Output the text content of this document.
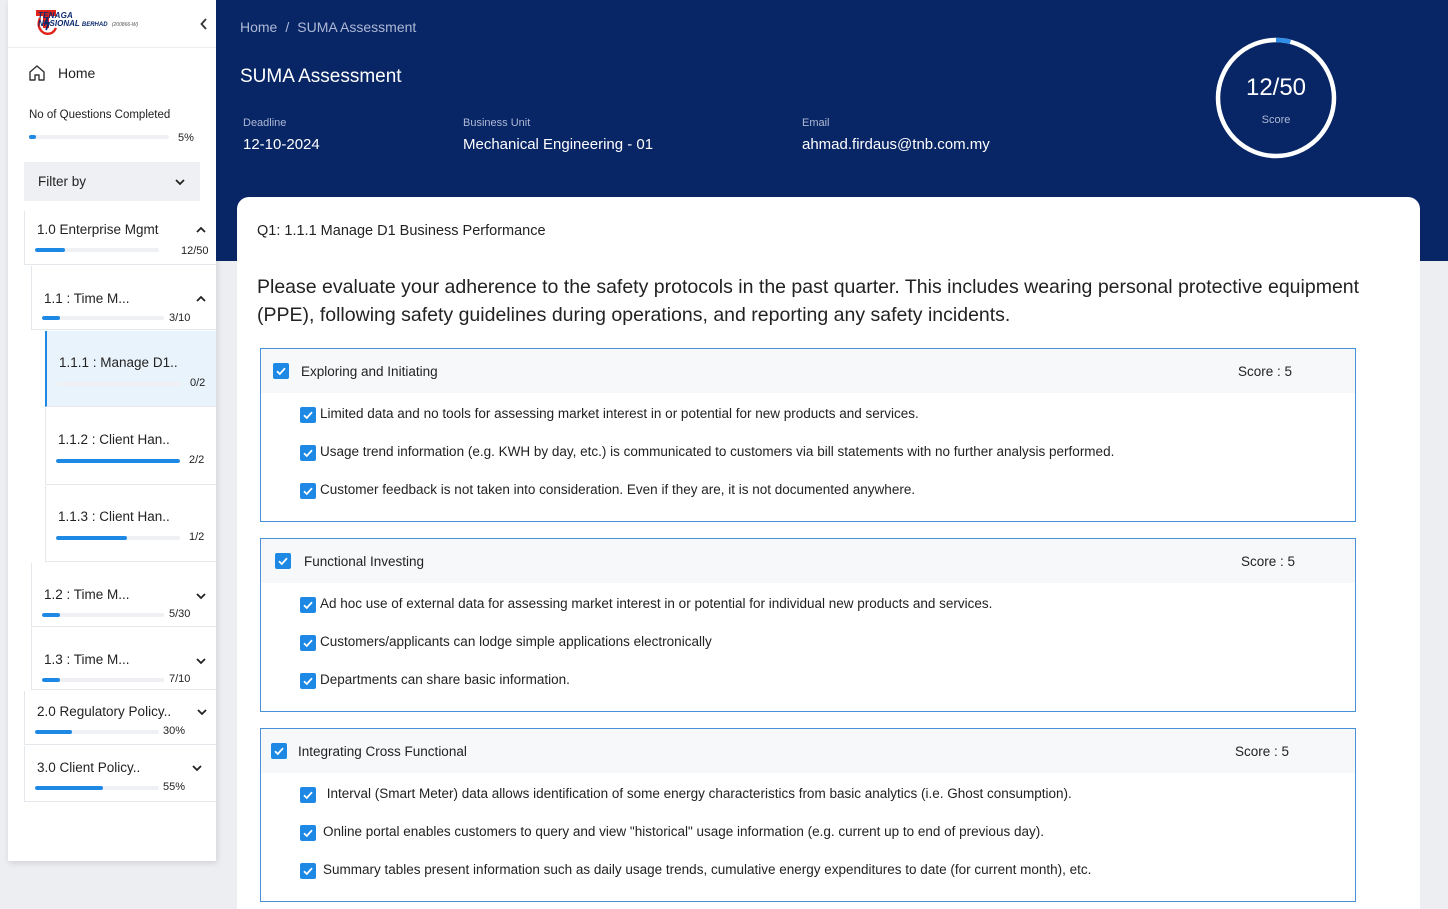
TENAGA
NASIONAL BERHAD (200866-W)
Home
No of Questions Completed
5%
Filter by
1.0 Enterprise Mgmt
12/50
1.1 : Time M...
3/10
1.1.1 : Manage D1..
0/2
1.1.2 : Client Han..
2/2
1.1.3 : Client Han..
1/2
1.2 : Time M...
5/30
1.3 : Time M...
7/10
2.0 Regulatory Policy..
30%
3.0 Client Policy..
55%
Home / SUMA Assessment
SUMA Assessment
Deadline
12-10-2024
Business Unit
Mechanical Engineering - 01
Email
ahmad.firdaus@tnb.com.my
12/50
Score
Q1: 1.1.1 Manage D1 Business Performance
Please evaluate your adherence to the safety protocols in the past quarter. This includes wearing personal protective equipment (PPE), following safety guidelines during operations, and reporting any safety incidents.
Exploring and Initiating	Score : 5
Limited data and no tools for assessing market interest in or potential for new products and services.
Usage trend information (e.g. KWH by day, etc.) is communicated to customers via bill statements with no further analysis performed.
Customer feedback is not taken into consideration. Even if they are, it is not documented anywhere.
Functional Investing	Score : 5
Ad hoc use of external data for assessing market interest in or potential for individual new products and services.
Customers/applicants can lodge simple applications electronically
Departments can share basic information.
Integrating Cross Functional	Score : 5
Interval (Smart Meter) data allows identification of some energy characteristics from basic analytics (i.e. Ghost consumption).
Online portal enables customers to query and view "historical" usage information (e.g. current up to end of previous day).
Summary tables present information such as daily usage trends, cumulative energy expenditures to date (for current month), etc.
